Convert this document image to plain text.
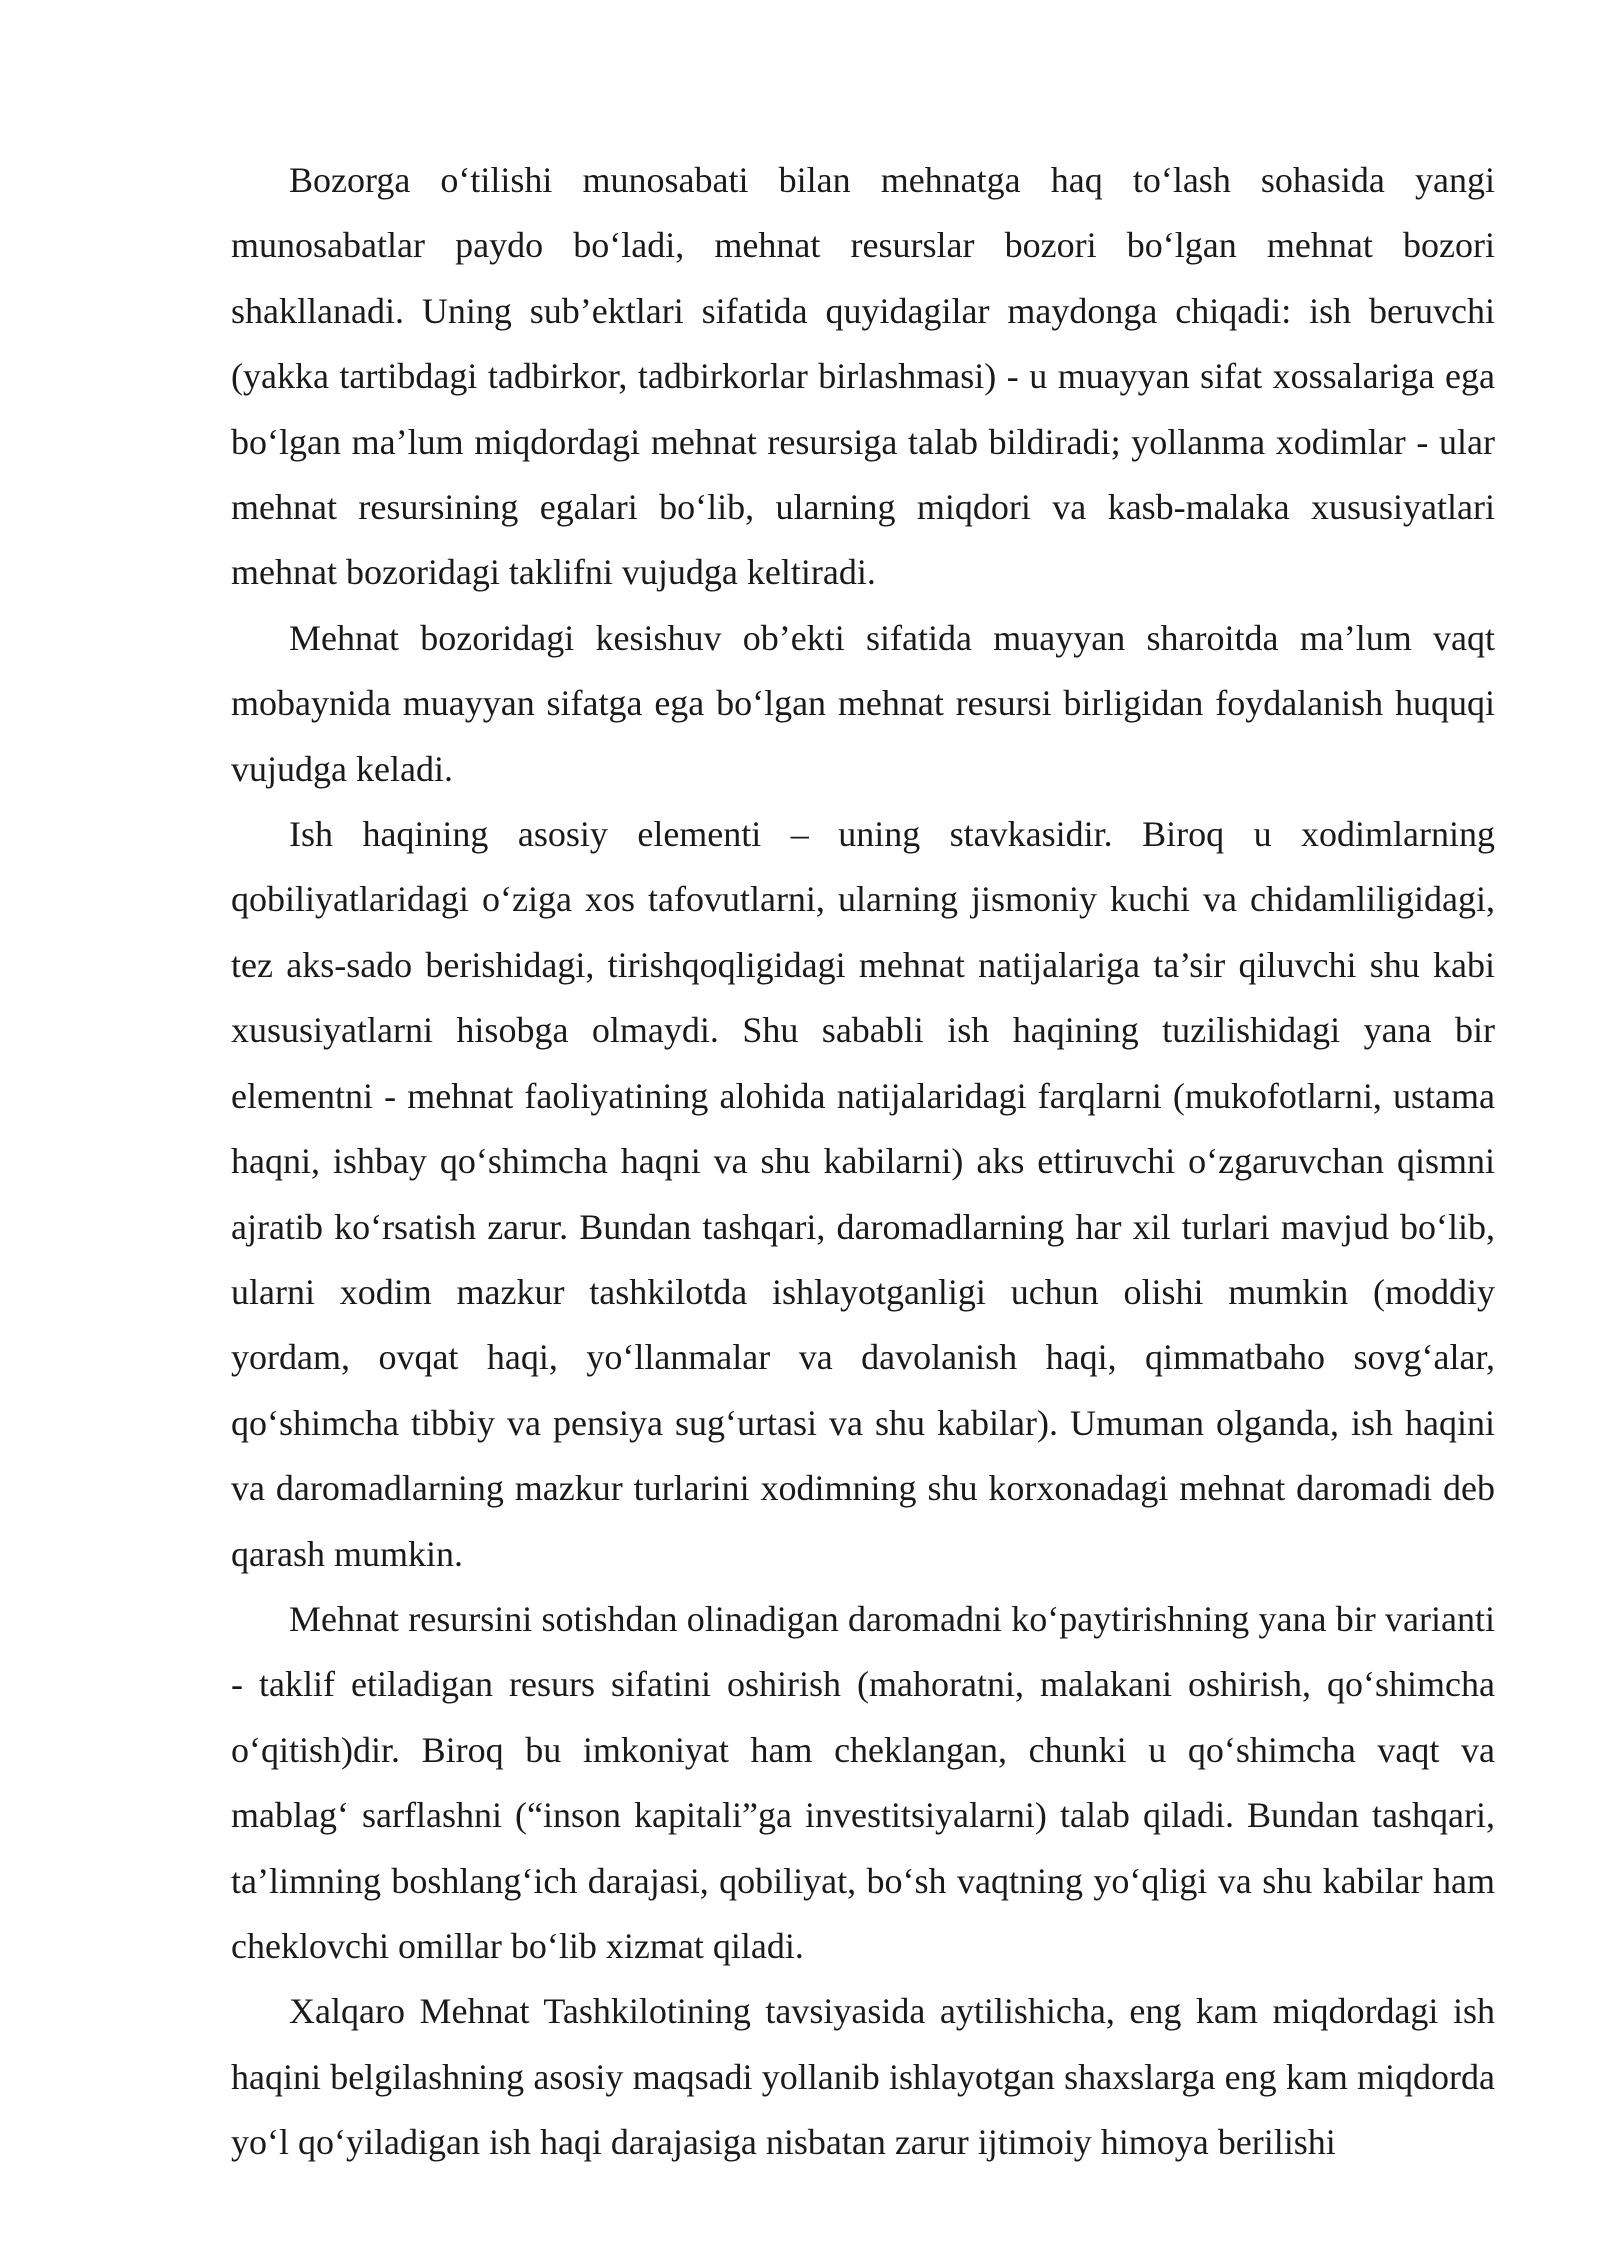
Bozorga o‘tilishi munosabati bilan mehnatga haq to‘lash sohasida yangi munosabatlar paydo bo‘ladi, mehnat resurslar bozori bo‘lgan mehnat bozori shakllanadi. Uning sub’ektlari sifatida quyidagilar maydonga chiqadi: ish beruvchi (yakka tartibdagi tadbirkor, tadbirkorlar birlashmasi) - u muayyan sifat xossalariga ega bo‘lgan ma’lum miqdordagi mehnat resursiga talab bildiradi; yollanma xodimlar - ular mehnat resursining egalari bo‘lib, ularning miqdori va kasb-malaka xususiyatlari mehnat bozoridagi taklifni vujudga keltiradi.

Mehnat bozoridagi kesishuv ob’ekti sifatida muayyan sharoitda ma’lum vaqt mobaynida muayyan sifatga ega bo‘lgan mehnat resursi birligidan foydalanish huquqi vujudga keladi.

Ish haqining asosiy elementi – uning stavkasidir. Biroq u xodimlarning qobiliyatlaridagi o‘ziga xos tafovutlarni, ularning jismoniy kuchi va chidamliligidagi, tez aks-sado berishidagi, tirishqoqligidagi mehnat natijalariga ta’sir qiluvchi shu kabi xususiyatlarni hisobga olmaydi. Shu sababli ish haqining tuzilishidagi yana bir elementni - mehnat faoliyatining alohida natijalaridagi farqlarni (mukofotlarni, ustama haqni, ishbay qo‘shimcha haqni va shu kabilarni) aks ettiruvchi o‘zgaruvchan qismni ajratib ko‘rsatish zarur. Bundan tashqari, daromadlarning har xil turlari mavjud bo‘lib, ularni xodim mazkur tashkilotda ishlayotganligi uchun olishi mumkin (moddiy yordam, ovqat haqi, yo‘llanmalar va davolanish haqi, qimmatbaho sovg‘alar, qo‘shimcha tibbiy va pensiya sug‘urtasi va shu kabilar). Umuman olganda, ish haqini va daromadlarning mazkur turlarini xodimning shu korxonadagi mehnat daromadi deb qarash mumkin.

Mehnat resursini sotishdan olinadigan daromadni ko‘paytirishning yana bir varianti - taklif etiladigan resurs sifatini oshirish (mahoratni, malakani oshirish, qo‘shimcha o‘qitish)dir. Biroq bu imkoniyat ham cheklangan, chunki u qo‘shimcha vaqt va mablag‘ sarflashni (“inson kapitali”ga investitsiyalarni) talab qiladi. Bundan tashqari, ta’limning boshlang‘ich darajasi, qobiliyat, bo‘sh vaqtning yo‘qligi va shu kabilar ham cheklovchi omillar bo‘lib xizmat qiladi.

Xalqaro Mehnat Tashkilotining tavsiyasida aytilishicha, eng kam miqdordagi ish haqini belgilashning asosiy maqsadi yollanib ishlayotgan shaxslarga eng kam miqdorda yo‘l qo‘yiladigan ish haqi darajasiga nisbatan zarur ijtimoiy himoya berilishi
